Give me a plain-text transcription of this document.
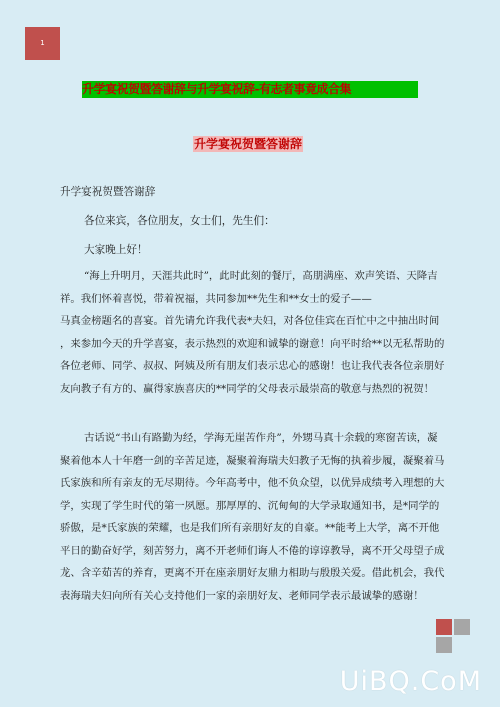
1
升学宴祝贺暨答谢辞与升学宴祝辞-有志者事竟成合集
升学宴祝贺暨答谢辞
升学宴祝贺暨答谢辞
各位来宾，各位朋友，女士们，先生们：
大家晚上好！
“海上升明月，天涯共此时”，此时此刻的餐厅，高朋满座、欢声笑语、天降吉
祥。我们怀着喜悦，带着祝福，共同参加**先生和**女士的爱子——
马真金榜题名的喜宴。首先请允许我代表*夫妇，对各位佳宾在百忙中之中抽出时间
，来参加今天的升学喜宴，表示热烈的欢迎和诚挚的谢意！向平时给**以无私帮助的
各位老师、同学、叔叔、阿姨及所有朋友们表示忠心的感谢！也让我代表各位亲朋好
友向教子有方的、赢得家族喜庆的**同学的父母表示最崇高的敬意与热烈的祝贺！
古话说“书山有路勤为经，学海无崖苦作舟”，外甥马真十余载的寒窗苦读，凝
聚着他本人十年磨一剑的辛苦足迹，凝聚着海瑞夫妇教子无悔的执着步履，凝聚着马
氏家族和所有亲友的无尽期待。今年高考中，他不负众望，以优异成绩考入理想的大
学，实现了学生时代的第一夙愿。那厚厚的、沉甸甸的大学录取通知书，是*同学的
骄傲，是*氏家族的荣耀，也是我们所有亲朋好友的自豪。**能考上大学，离不开他
平日的勤奋好学，刻苦努力，离不开老师们诲人不倦的谆谆教导，离不开父母望子成
龙、含辛茹苦的养育，更离不开在座亲朋好友鼎力相助与殷殷关爱。借此机会，我代
表海瑞夫妇向所有关心支持他们一家的亲朋好友、老师同学表示最诚挚的感谢！
UiBQ.CoM
